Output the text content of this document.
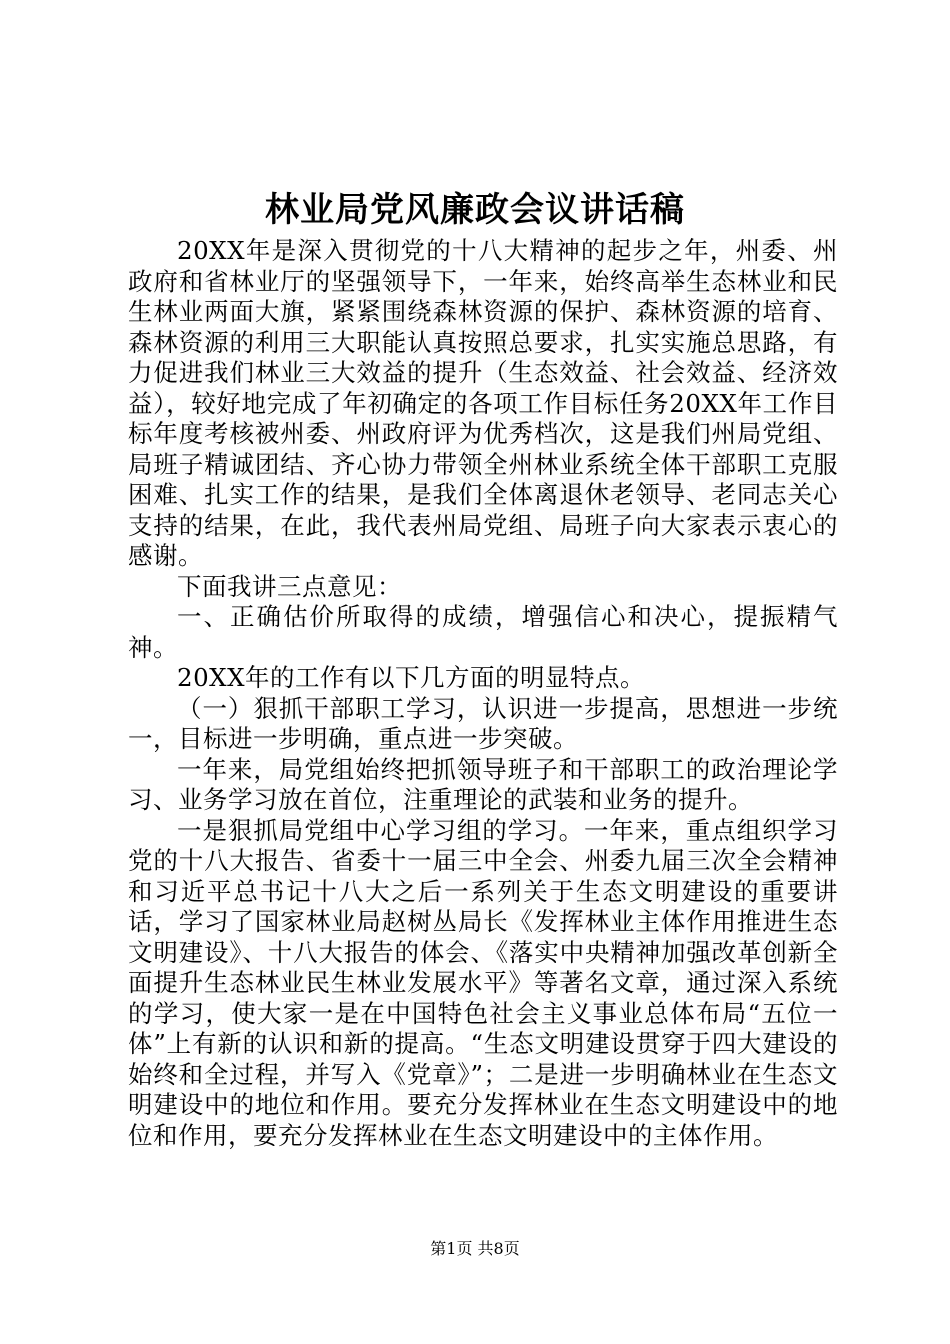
林业局党风廉政会议讲话稿

20XX年是深入贯彻党的十八大精神的起步之年，州委、州政府和省林业厅的坚强领导下，一年来，始终高举生态林业和民生林业两面大旗，紧紧围绕森林资源的保护、森林资源的培育、森林资源的利用三大职能认真按照总要求，扎实实施总思路，有力促进我们林业三大效益的提升（生态效益、社会效益、经济效益），较好地完成了年初确定的各项工作目标任务20XX年工作目标年度考核被州委、州政府评为优秀档次，这是我们州局党组、局班子精诚团结、齐心协力带领全州林业系统全体干部职工克服困难、扎实工作的结果，是我们全体离退休老领导、老同志关心支持的结果，在此，我代表州局党组、局班子向大家表示衷心的感谢。

下面我讲三点意见：

一、正确估价所取得的成绩，增强信心和决心，提振精气神。

20XX年的工作有以下几方面的明显特点。

（一）狠抓干部职工学习，认识进一步提高，思想进一步统一，目标进一步明确，重点进一步突破。

一年来，局党组始终把抓领导班子和干部职工的政治理论学习、业务学习放在首位，注重理论的武装和业务的提升。

一是狠抓局党组中心学习组的学习。一年来，重点组织学习党的十八大报告、省委十一届三中全会、州委九届三次全会精神和习近平总书记十八大之后一系列关于生态文明建设的重要讲话，学习了国家林业局赵树丛局长《发挥林业主体作用推进生态文明建设》、十八大报告的体会、《落实中央精神加强改革创新全面提升生态林业民生林业发展水平》等著名文章，通过深入系统的学习，使大家一是在中国特色社会主义事业总体布局“五位一体”上有新的认识和新的提高。“生态文明建设贯穿于四大建设的始终和全过程，并写入《党章》”；二是进一步明确林业在生态文明建设中的地位和作用。要充分发挥林业在生态文明建设中的地位和作用，要充分发挥林业在生态文明建设中的主体作用。

第1页 共8页
